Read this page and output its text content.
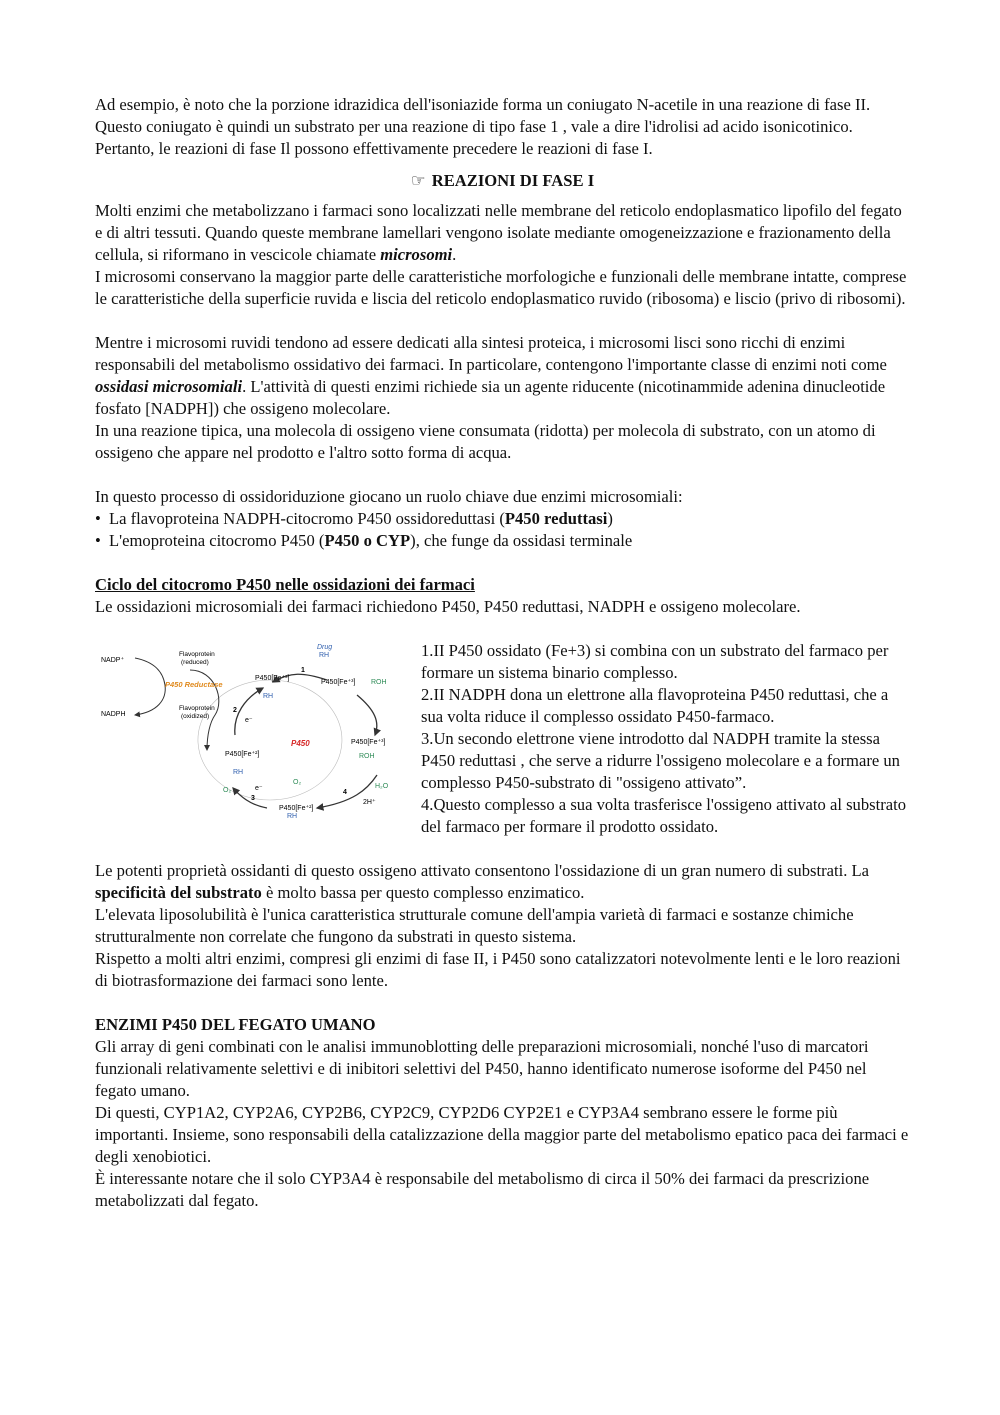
Ad esempio, è noto che la porzione idrazidica dell'isoniazide forma un coniugato N-acetile in una reazione di fase II. Questo coniugato è quindi un substrato per una reazione di tipo fase 1 , vale a dire l'idrolisi ad acido isonicotinico. Pertanto, le reazioni di fase Il possono effettivamente precedere le reazioni di fase I.

☞ REAZIONI DI FASE I

Molti enzimi che metabolizzano i farmaci sono localizzati nelle membrane del reticolo endoplasmatico lipofilo del fegato e di altri tessuti. Quando queste membrane lamellari vengono isolate mediante omogeneizzazione e frazionamento della cellula, si riformano in vescicole chiamate microsomi.

I microsomi conservano la maggior parte delle caratteristiche morfologiche e funzionali delle membrane intatte, comprese le caratteristiche della superficie ruvida e liscia del reticolo endoplasmatico ruvido (ribosoma) e liscio (privo di ribosomi).

Mentre i microsomi ruvidi tendono ad essere dedicati alla sintesi proteica, i microsomi lisci sono ricchi di enzimi responsabili del metabolismo ossidativo dei farmaci. In particolare, contengono l'importante classe di enzimi noti come ossidasi microsomiali. L'attività di questi enzimi richiede sia un agente riducente (nicotinammide adenina dinucleotide fosfato [NADPH]) che ossigeno molecolare.

In una reazione tipica, una molecola di ossigeno viene consumata (ridotta) per molecola di substrato, con un atomo di ossigeno che appare nel prodotto e l'altro sotto forma di acqua.

In questo processo di ossidoriduzione giocano un ruolo chiave due enzimi microsomiali:

• La flavoproteina NADPH-citocromo P450 ossidoreduttasi (P450 reduttasi)

• L'emoproteina citocromo P450 (P450 o CYP), che funge da ossidasi terminale

Ciclo del citocromo P450 nelle ossidazioni dei farmaci

Le ossidazioni microsomiali dei farmaci richiedono P450, P450 reduttasi, NADPH e ossigeno molecolare.

NADP⁺
NADPH
Flavoprotein
(reduced)
P450 Reductase
Flavoprotein
(oxidized)
Drug
RH
1
P450[Fe⁺³] ROH
P450[Fe⁺³]
RH
2
e⁻
P450	P450[Fe⁺³]
ROH
P450[Fe⁺²]
RH
O₂	e⁻
3
O₂
P450[Fe⁺²]
RH
H₂O
4
2H⁺

1.II P450 ossidato (Fe+3) si combina con un substrato del farmaco per formare un sistema binario complesso.

2.II NADPH dona un elettrone alla flavoproteina P450 reduttasi, che a sua volta riduce il complesso ossidato P450-farmaco.

3.Un secondo elettrone viene introdotto dal NADPH tramite la stessa P450 reduttasi , che serve a ridurre l'ossigeno molecolare e a formare un complesso P450-substrato di "ossigeno attivato”.

4.Questo complesso a sua volta trasferisce l'ossigeno attivato al substrato del farmaco per formare il prodotto ossidato.

Le potenti proprietà ossidanti di questo ossigeno attivato consentono l'ossidazione di un gran numero di substrati. La specificità del substrato è molto bassa per questo complesso enzimatico.

L'elevata liposolubilità è l'unica caratteristica strutturale comune dell'ampia varietà di farmaci e sostanze chimiche strutturalmente non correlate che fungono da substrati in questo sistema.

Rispetto a molti altri enzimi, compresi gli enzimi di fase II, i P450 sono catalizzatori notevolmente lenti e le loro reazioni di biotrasformazione dei farmaci sono lente.

ENZIMI P450 DEL FEGATO UMANO

Gli array di geni combinati con le analisi immunoblotting delle preparazioni microsomiali, nonché l'uso di marcatori funzionali relativamente selettivi e di inibitori selettivi del P450, hanno identificato numerose isoforme del P450 nel fegato umano.

Di questi, CYP1A2, CYP2A6, CYP2B6, CYP2C9, CYP2D6 CYP2E1 e CYP3A4 sembrano essere le forme più importanti. Insieme, sono responsabili della catalizzazione della maggior parte del metabolismo epatico paca dei farmaci e degli xenobiotici.

È interessante notare che il solo CYP3A4 è responsabile del metabolismo di circa il 50% dei farmaci da prescrizione metabolizzati dal fegato.
